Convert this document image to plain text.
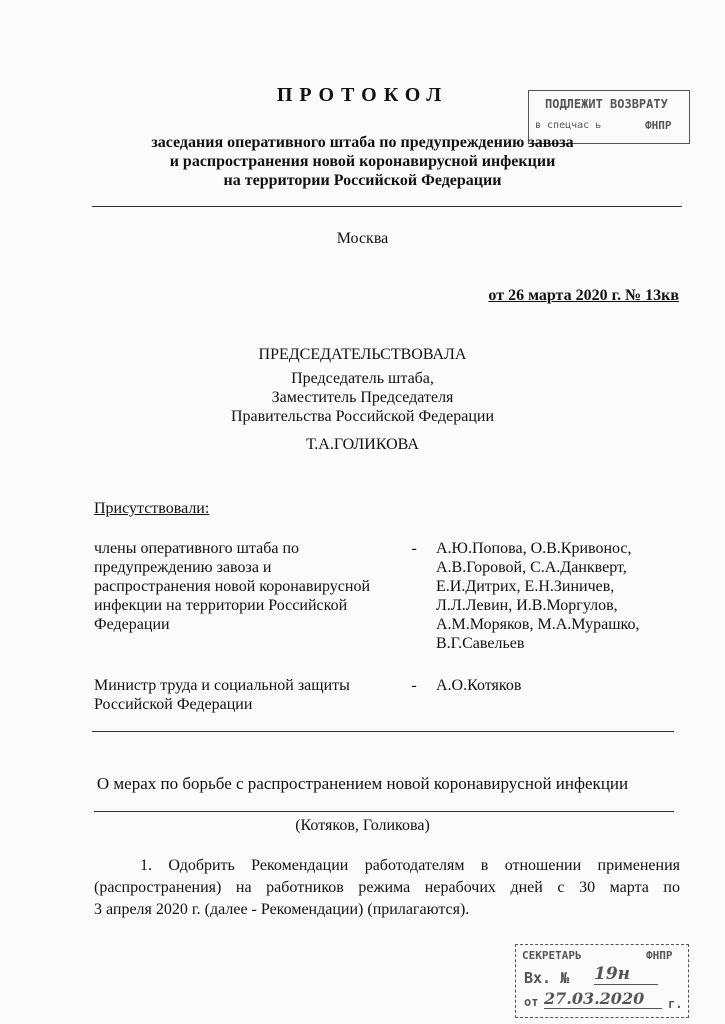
ПРОТОКОЛ	ПОДЛЕЖИТ ВОЗВРАТУ
в спецчас ь	ФНПР
заседания оперативного штаба по предупреждению завоза
и распространения новой коронавирусной инфекции
на территории Российской Федерации
Москва
от 26 марта 2020 г. № 13кв
ПРЕДСЕДАТЕЛЬСТВОВАЛА
Председатель штаба,
Заместитель Председателя
Правительства Российской Федерации
Т.А.ГОЛИКОВА
Присутствовали:
члены оперативного штаба по
предупреждению завоза и
распространения новой коронавирусной
инфекции на территории Российской
Федерации
- А.Ю.Попова, О.В.Кривонос,
А.В.Горовой, С.А.Данкверт,
Е.И.Дитрих, Е.Н.Зиничев,
Л.Л.Левин, И.В.Моргулов,
А.М.Моряков, М.А.Мурашко,
В.Г.Савельев
Министр труда и социальной защиты
Российской Федерации
- А.О.Котяков
О мерах по борьбе с распространением новой коронавирусной инфекции
(Котяков, Голикова)
1. Одобрить Рекомендации работодателям в отношении применения
(распространения) на работников режима нерабочих дней с 30 марта по
3 апреля 2020 г. (далее - Рекомендации) (прилагаются).
СЕКРЕТАРЬ	ФНПР
Вх. № 19н
от 27.03.2020	г.
